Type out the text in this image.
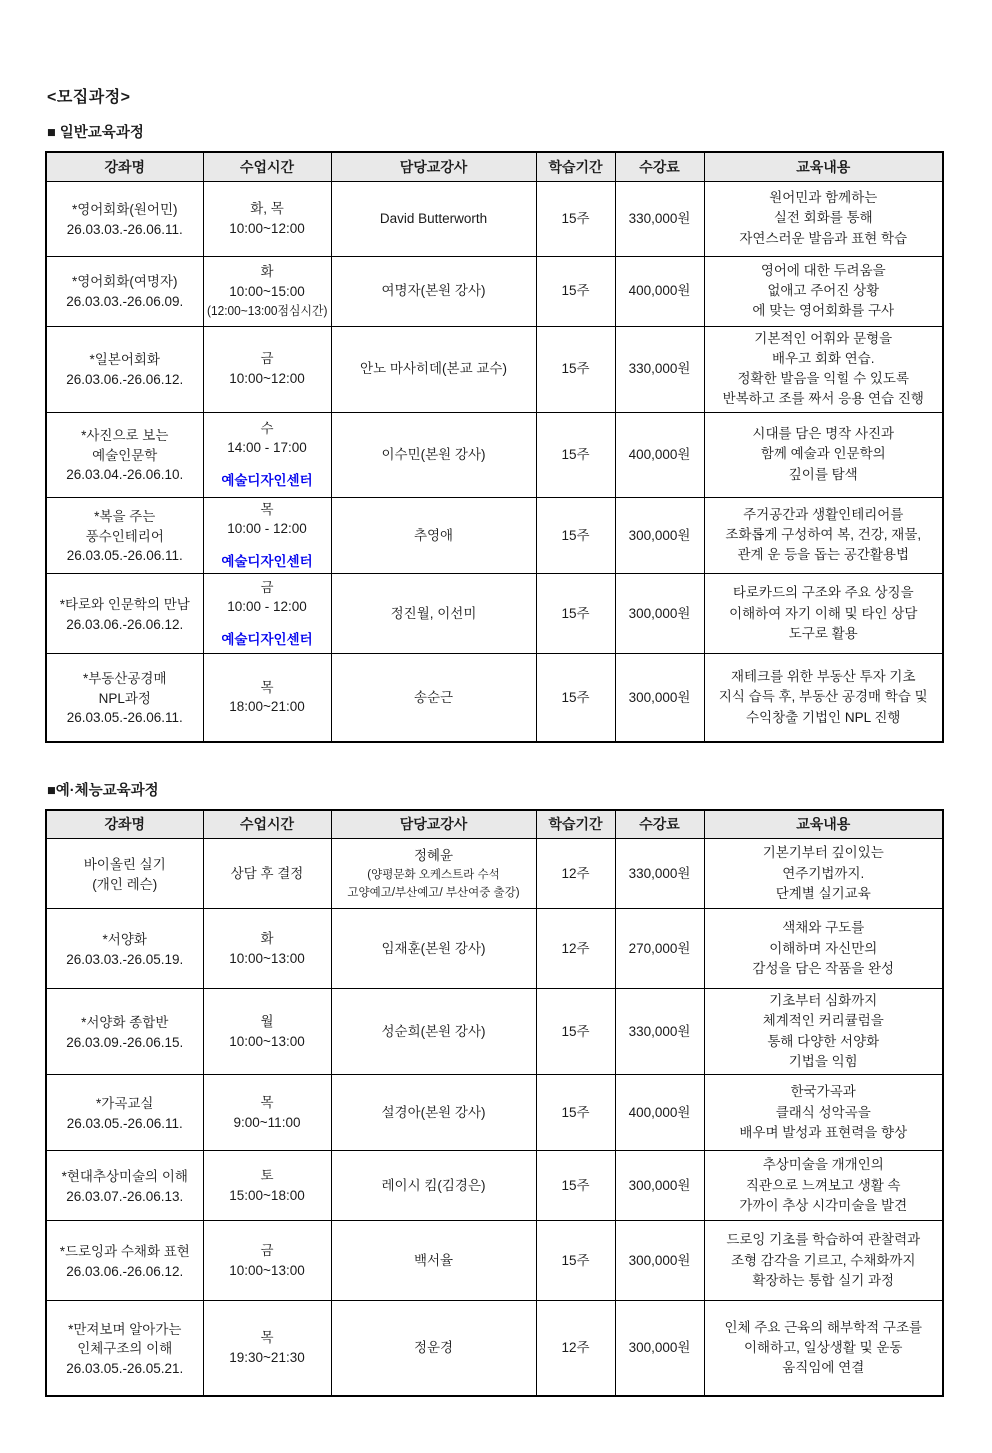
<모집과정>
■ 일반교육과정
강좌명	수업시간	담당교강사	학습기간	수강료	교육내용

*영어회화(원어민)
26.03.03.-26.06.11.

화, 목
10:00~12:00

David Butterworth	15주	330,000원	
원어민과 함께하는
실전 회화를 통해
자연스러운 발음과 표현 학습

*영어회화(여명자)
26.03.03.-26.06.09.

화
10:00~15:00
(12:00~13:00점심시간)

여명자(본원 강사)	15주	400,000원	
영어에 대한 두려움을
없애고 주어진 상황
에 맞는 영어회화를 구사

*일본어회화
26.03.06.-26.06.12.

금
10:00~12:00

안노 마사히데(본교 교수)	15주	330,000원	
기본적인 어휘와 문형을
배우고 회화 연습.
정확한 발음을 익힐 수 있도록
반복하고 조를 짜서 응용 연습 진행

*사진으로 보는
예술인문학
26.03.04.-26.06.10.

수
14:00 - 17:00
예술디자인센터

이수민(본원 강사)	15주	400,000원	
시대를 담은 명작 사진과
함께 예술과 인문학의
깊이를 탐색

*복을 주는
풍수인테리어
26.03.05.-26.06.11.

목
10:00 - 12:00
예술디자인센터

추영애	15주	300,000원	
주거공간과 생활인테리어를
조화롭게 구성하여 복, 건강, 재물,
관계 운 등을 돕는 공간활용법

*타로와 인문학의 만남
26.03.06.-26.06.12.

금
10:00 - 12:00
예술디자인센터

정진월, 이선미	15주	300,000원	
타로카드의 구조와 주요 상징을
이해하여 자기 이해 및 타인 상담
도구로 활용

*부동산공경매
NPL과정
26.03.05.-26.06.11.

목
18:00~21:00

송순근	15주	300,000원	
재테크를 위한 부동산 투자 기초
지식 습득 후, 부동산 공경매 학습 및
수익창출 기법인 NPL 진행
■예·체능교육과정
강좌명	수업시간	담당교강사	학습기간	수강료	교육내용

바이올린 실기
(개인 레슨)

상담 후 결정

정혜윤
(양평문화 오케스트라 수석
고양예고/부산예고/ 부산여중 출강)
	12주	330,000원	
기본기부터 깊이있는
연주기법까지.
단계별 실기교육

*서양화
26.03.03.-26.05.19.

화
10:00~13:00

임재훈(본원 강사)	12주	270,000원	
색채와 구도를
이해하며 자신만의
감성을 담은 작품을 완성

*서양화 종합반
26.03.09.-26.06.15.

월
10:00~13:00

성순희(본원 강사)	15주	330,000원	
기초부터 심화까지
체계적인 커리큘럼을
통해 다양한 서양화
기법을 익힘

*가곡교실
26.03.05.-26.06.11.

목
9:00~11:00

설경아(본원 강사)	15주	400,000원	
한국가곡과
클래식 성악곡을
배우며 발성과 표현력을 향상

*현대추상미술의 이해
26.03.07.-26.06.13.

토
15:00~18:00

레이시 킴(김경은)	15주	300,000원	
추상미술을 개개인의
직관으로 느껴보고 생활 속
가까이 추상 시각미술을 발견

*드로잉과 수채화 표현
26.03.06.-26.06.12.

금
10:00~13:00

백서율	15주	300,000원	
드로잉 기초를 학습하여 관찰력과
조형 감각을 기르고, 수채화까지
확장하는 통합 실기 과정

*만져보며 알아가는
인체구조의 이해
26.03.05.-26.05.21.

목
19:30~21:30

정운경	12주	300,000원	
인체 주요 근육의 해부학적 구조를
이해하고, 일상생활 및 운동
움직임에 연결
